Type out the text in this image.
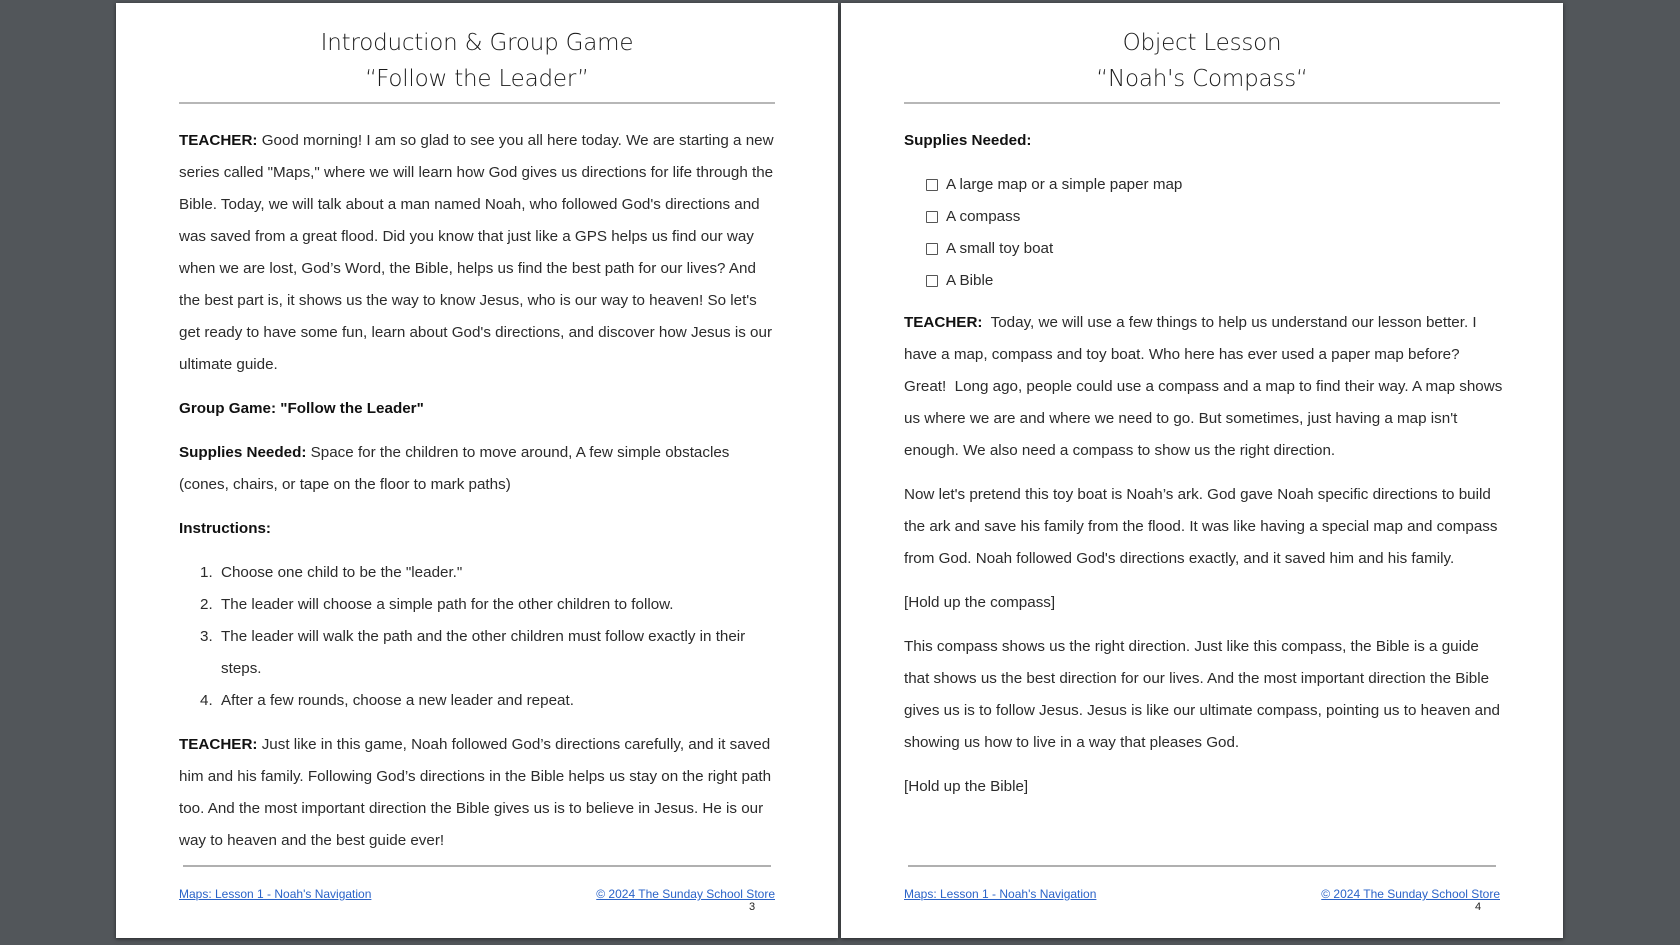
Introduction & Group Game
“Follow the Leader”

TEACHER: Good morning! I am so glad to see you all here today. We are starting a new series called "Maps," where we will learn how God gives us directions for life through the Bible. Today, we will talk about a man named Noah, who followed God's directions and was saved from a great flood. Did you know that just like a GPS helps us find our way when we are lost, God’s Word, the Bible, helps us find the best path for our lives? And the best part is, it shows us the way to know Jesus, who is our way to heaven! So let's get ready to have some fun, learn about God's directions, and discover how Jesus is our ultimate guide.

Group Game: "Follow the Leader"

Supplies Needed: Space for the children to move around, A few simple obstacles (cones, chairs, or tape on the floor to mark paths)

Instructions:
1. Choose one child to be the "leader."
2. The leader will choose a simple path for the other children to follow.
3. The leader will walk the path and the other children must follow exactly in their steps.
4. After a few rounds, choose a new leader and repeat.

TEACHER: Just like in this game, Noah followed God’s directions carefully, and it saved him and his family. Following God’s directions in the Bible helps us stay on the right path too. And the most important direction the Bible gives us is to believe in Jesus. He is our way to heaven and the best guide ever!

Maps: Lesson 1 - Noah's Navigation	© 2024 The Sunday School Store
3
Object Lesson
“Noah's Compass“
Supplies Needed:
A large map or a simple paper map
A compass
A small toy boat
A Bible

TEACHER:  Today, we will use a few things to help us understand our lesson better. I have a map, compass and toy boat. Who here has ever used a paper map before? Great!  Long ago, people could use a compass and a map to find their way. A map shows us where we are and where we need to go. But sometimes, just having a map isn't enough. We also need a compass to show us the right direction.

Now let's pretend this toy boat is Noah’s ark. God gave Noah specific directions to build the ark and save his family from the flood. It was like having a special map and compass from God. Noah followed God's directions exactly, and it saved him and his family.

[Hold up the compass]

This compass shows us the right direction. Just like this compass, the Bible is a guide that shows us the best direction for our lives. And the most important direction the Bible gives us is to follow Jesus. Jesus is like our ultimate compass, pointing us to heaven and showing us how to live in a way that pleases God.

[Hold up the Bible]

Maps: Lesson 1 - Noah's Navigation	© 2024 The Sunday School Store
4
